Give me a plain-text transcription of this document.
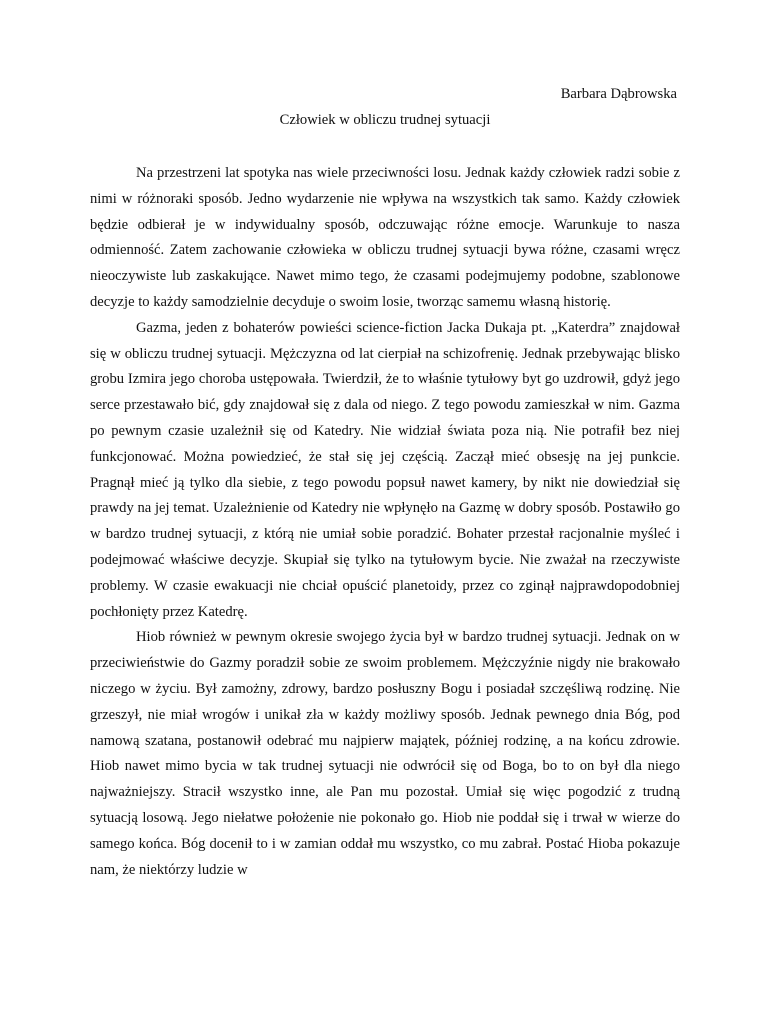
Barbara Dąbrowska
Człowiek w obliczu trudnej sytuacji

Na przestrzeni lat spotyka nas wiele przeciwności losu. Jednak każdy człowiek radzi sobie z nimi w różnoraki sposób. Jedno wydarzenie nie wpływa na wszystkich tak samo. Każdy człowiek będzie odbierał je w indywidualny sposób, odczuwając różne emocje. Warunkuje to nasza odmienność. Zatem zachowanie człowieka w obliczu trudnej sytuacji bywa różne, czasami wręcz nieoczywiste lub zaskakujące. Nawet mimo tego, że czasami podejmujemy podobne, szablonowe decyzje to każdy samodzielnie decyduje o swoim losie, tworząc samemu własną historię.

Gazma, jeden z bohaterów powieści science-fiction Jacka Dukaja pt. „Katerdra” znajdował się w obliczu trudnej sytuacji. Mężczyzna od lat cierpiał na schizofrenię. Jednak przebywając blisko grobu Izmira jego choroba ustępowała. Twierdził, że to właśnie tytułowy byt go uzdrowił, gdyż jego serce przestawało bić, gdy znajdował się z dala od niego. Z tego powodu zamieszkał w nim. Gazma po pewnym czasie uzależnił się od Katedry. Nie widział świata poza nią. Nie potrafił bez niej funkcjonować. Można powiedzieć, że stał się jej częścią. Zaczął mieć obsesję na jej punkcie. Pragnął mieć ją tylko dla siebie, z tego powodu popsuł nawet kamery, by nikt nie dowiedział się prawdy na jej temat. Uzależnienie od Katedry nie wpłynęło na Gazmę w dobry sposób. Postawiło go w bardzo trudnej sytuacji, z którą nie umiał sobie poradzić. Bohater przestał racjonalnie myśleć i podejmować właściwe decyzje. Skupiał się tylko na tytułowym bycie. Nie zważał na rzeczywiste problemy. W czasie ewakuacji nie chciał opuścić planetoidy, przez co zginął najprawdopodobniej pochłonięty przez Katedrę.

Hiob również w pewnym okresie swojego życia był w bardzo trudnej sytuacji. Jednak on w przeciwieństwie do Gazmy poradził sobie ze swoim problemem. Mężczyźnie nigdy nie brakowało niczego w życiu. Był zamożny, zdrowy, bardzo posłuszny Bogu i posiadał szczęśliwą rodzinę. Nie grzeszył, nie miał wrogów i unikał zła w każdy możliwy sposób. Jednak pewnego dnia Bóg, pod namową szatana, postanowił odebrać mu najpierw majątek, później rodzinę, a na końcu zdrowie. Hiob nawet mimo bycia w tak trudnej sytuacji nie odwrócił się od Boga, bo to on był dla niego najważniejszy. Stracił wszystko inne, ale Pan mu pozostał. Umiał się więc pogodzić z trudną sytuacją losową. Jego niełatwe położenie nie pokonało go. Hiob nie poddał się i trwał w wierze do samego końca. Bóg docenił to i w zamian oddał mu wszystko, co mu zabrał. Postać Hioba pokazuje nam, że niektórzy ludzie w
